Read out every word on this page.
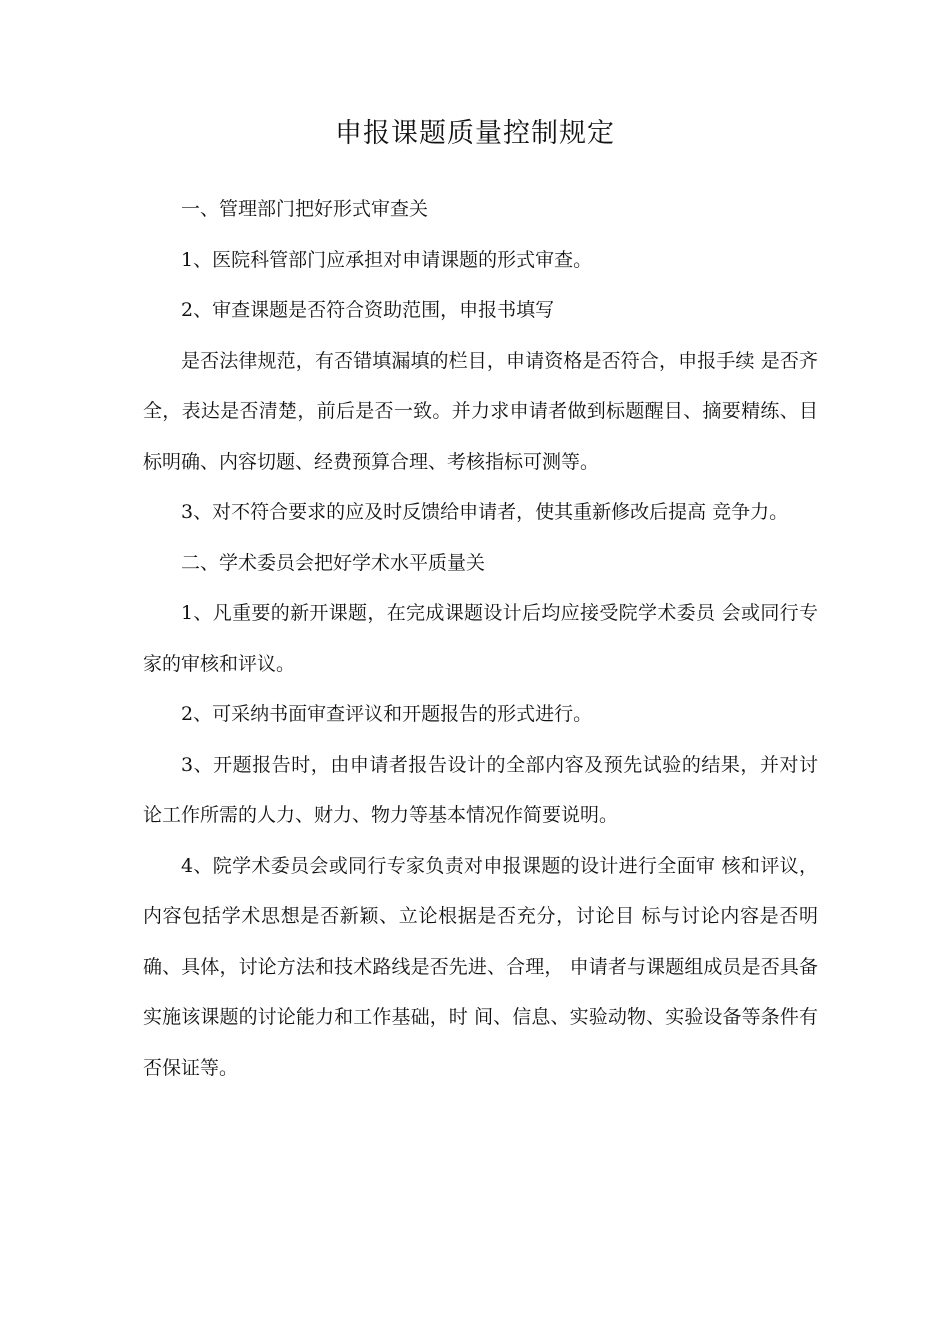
申报课题质量控制规定

一、管理部门把好形式审查关

1、医院科管部门应承担对申请课题的形式审查。

2、审查课题是否符合资助范围，申报书填写

是否法律规范，有否错填漏填的栏目，申请资格是否符合，申报手续 是否齐全，表达是否清楚，前后是否一致。并力求申请者做到标题醒目、摘要精练、目标明确、内容切题、经费预算合理、考核指标可测等。

3、对不符合要求的应及时反馈给申请者，使其重新修改后提高 竞争力。

二、学术委员会把好学术水平质量关

1、凡重要的新开课题，在完成课题设计后均应接受院学术委员 会或同行专家的审核和评议。

2、可采纳书面审查评议和开题报告的形式进行。

3、开题报告时，由申请者报告设计的全部内容及预先试验的结果，并对讨论工作所需的人力、财力、物力等基本情况作简要说明。

4、院学术委员会或同行专家负责对申报课题的设计进行全面审 核和评议，内容包括学术思想是否新颖、立论根据是否充分，讨论目 标与讨论内容是否明确、具体，讨论方法和技术路线是否先进、合理， 申请者与课题组成员是否具备实施该课题的讨论能力和工作基础，时 间、信息、实验动物、实验设备等条件有否保证等。
